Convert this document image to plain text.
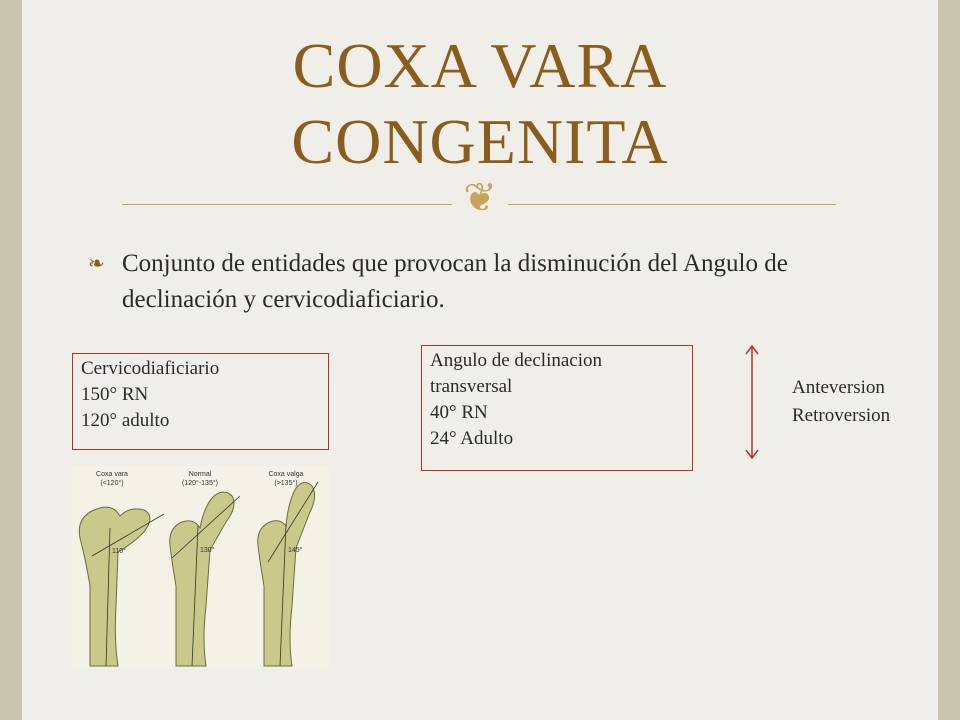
COXA VARA
CONGENITA
❦
❧ Conjunto de entidades que provocan la disminución del Angulo de declinación y cervicodiaficiario.
Cervicodiaficiario
150° RN
120° adulto
Angulo de declinacion
transversal
40° RN
24° Adulto
Anteversion
Retroversion
Coxa vara
(<120°)
Normal
(120°-135°)
Coxa valga
(>135°)
110°	130°	145°
